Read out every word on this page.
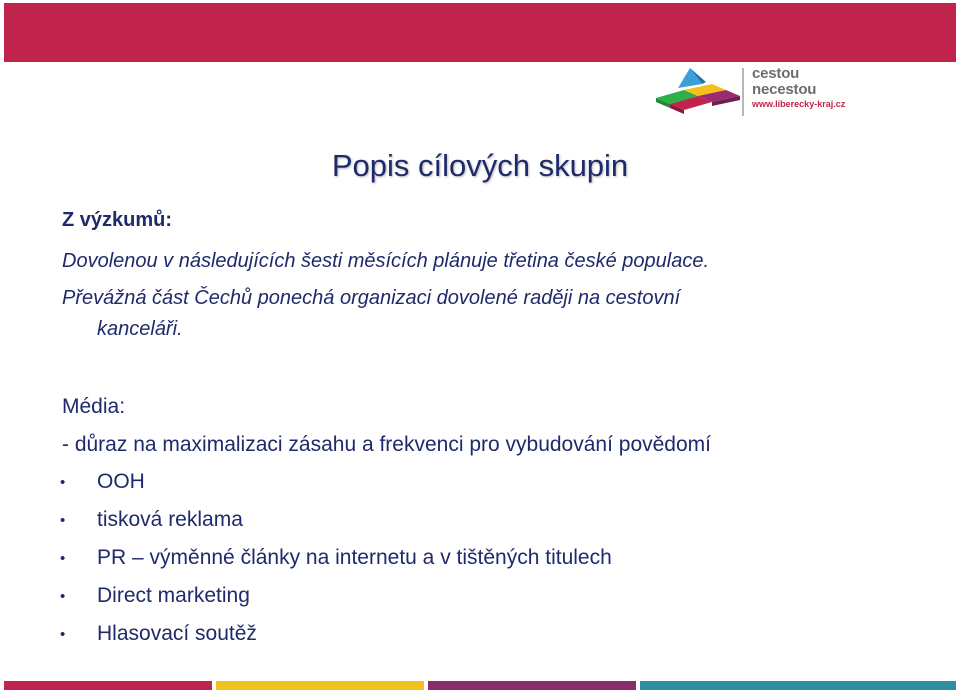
cestou
necestou
www.liberecky-kraj.cz
Popis cílových skupin
Z výzkumů:
Dovolenou v následujících šesti měsících plánuje třetina české populace.
Převážná část Čechů ponechá organizaci dovolené raději na cestovní
kanceláři.
Média:
- důraz na maximalizaci zásahu a frekvenci pro vybudování povědomí
• OOH
• tisková reklama
• PR – výměnné články na internetu a v tištěných titulech
• Direct marketing
• Hlasovací soutěž
